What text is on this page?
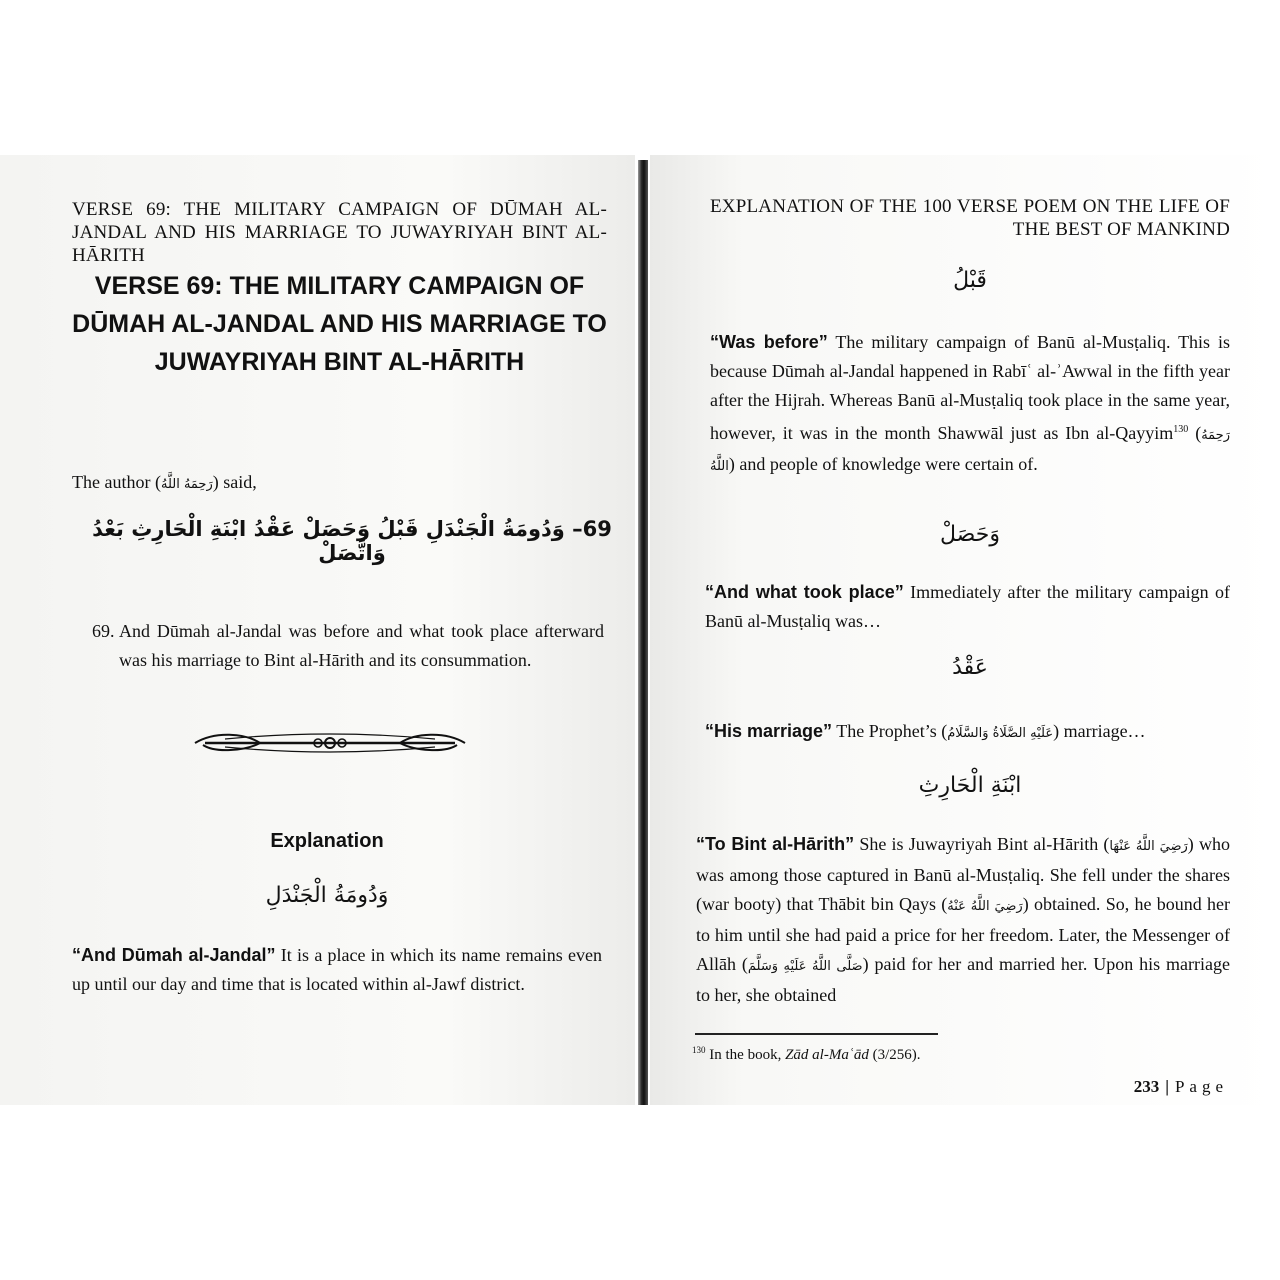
VERSE 69: THE MILITARY CAMPAIGN OF DŪMAH AL-JANDAL AND HIS MARRIAGE TO JUWAYRIYAH BINT AL-HĀRITH
VERSE 69: THE MILITARY CAMPAIGN OF DŪMAH AL-JANDAL AND HIS MARRIAGE TO JUWAYRIYAH BINT AL-HĀRITH
The author (رَحِمَهُ اللَّهُ) said,
69– وَدُومَةُ الْجَنْدَلِ قَبْلُ وَحَصَلْ عَقْدُ ابْنَةِ الْحَارِثِ بَعْدُ وَاتَّصَلْ
69. And Dūmah al-Jandal was before and what took place afterward was his marriage to Bint al-Hārith and its consummation.
Explanation
وَدُومَةُ الْجَنْدَلِ
“And Dūmah al-Jandal” It is a place in which its name remains even up until our day and time that is located within al-Jawf district.
EXPLANATION OF THE 100 VERSE POEM ON THE LIFE OF
THE BEST OF MANKIND
قَبْلُ
“Was before” The military campaign of Banū al-Musṭaliq. This is because Dūmah al-Jandal happened in Rabīʿ al-ʾAwwal in the fifth year after the Hijrah. Whereas Banū al-Musṭaliq took place in the same year, however, it was in the month Shawwāl just as Ibn al-Qayyim$^{130}$ (رَحِمَهُ اللَّهُ) and people of knowledge were certain of.
وَحَصَلْ
“And what took place” Immediately after the military campaign of Banū al-Musṭaliq was…
عَقْدُ
“His marriage” The Prophet’s (عَلَيْهِ الصَّلَاةُ وَالسَّلَامُ) marriage…
ابْنَةِ الْحَارِثِ
“To Bint al-Hārith” She is Juwayriyah Bint al-Hārith (رَضِيَ اللَّهُ عَنْهَا) who was among those captured in Banū al-Musṭaliq. She fell under the shares (war booty) that Thābit bin Qays (رَضِيَ اللَّهُ عَنْهُ) obtained. So, he bound her to him until she had paid a price for her freedom. Later, the Messenger of Allāh (صَلَّى اللَّهُ عَلَيْهِ وَسَلَّمَ) paid for her and married her. Upon his marriage to her, she obtained
$^{130}$ In the book, Zād al-Maʿād (3/256).
233 | Page
